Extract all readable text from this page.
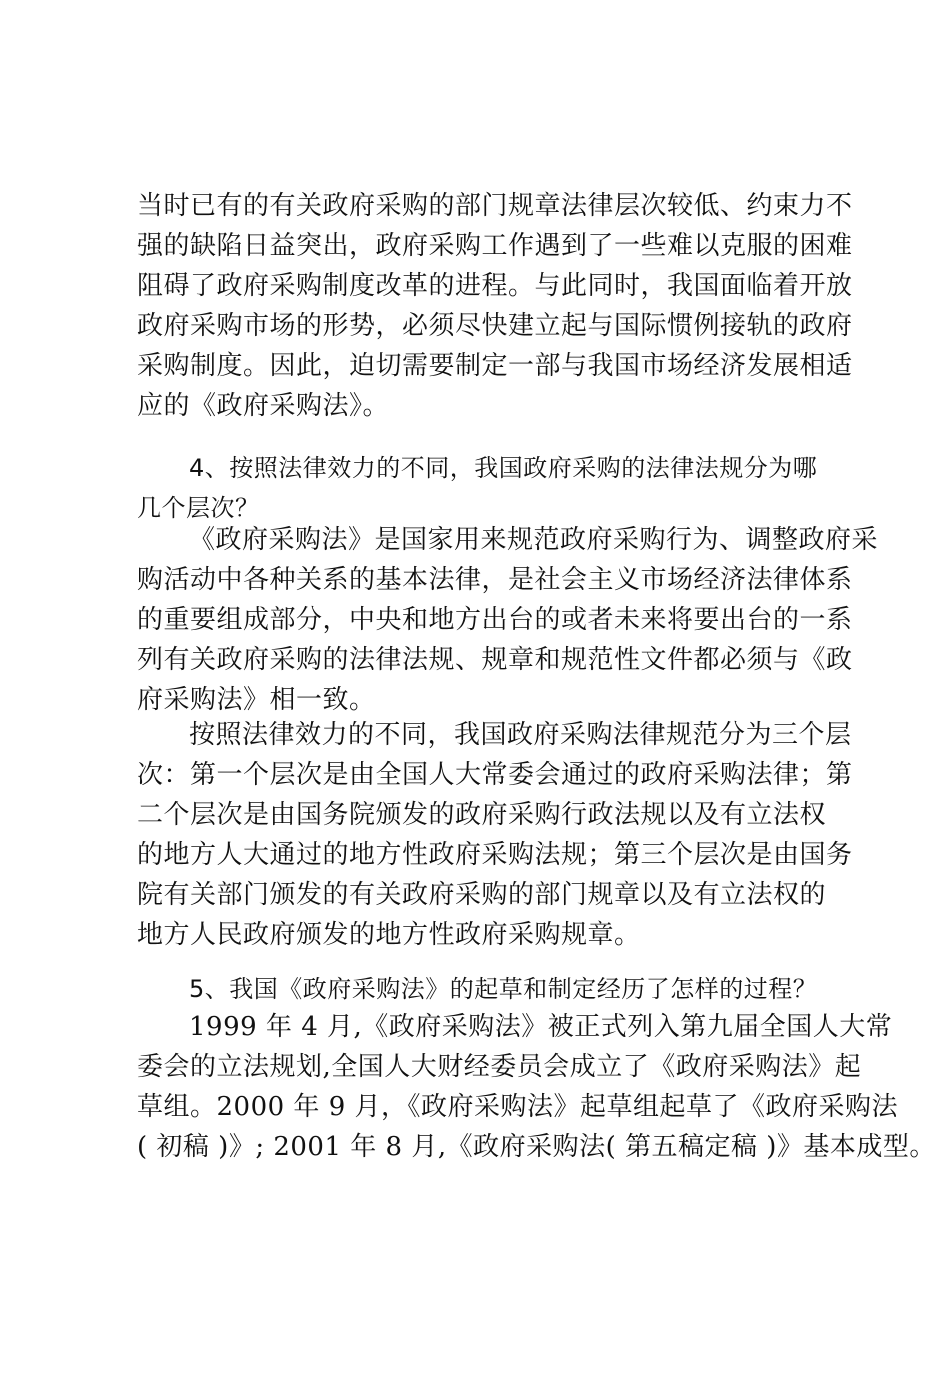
当时已有的有关政府采购的部门规章法律层次较低、约束力不
强的缺陷日益突出，政府采购工作遇到了一些难以克服的困难
阻碍了政府采购制度改革的进程。与此同时，我国面临着开放
政府采购市场的形势，必须尽快建立起与国际惯例接轨的政府
采购制度。因此，迫切需要制定一部与我国市场经济发展相适
应的《政府采购法》。
4、按照法律效力的不同，我国政府采购的法律法规分为哪
几个层次？
《政府采购法》是国家用来规范政府采购行为、调整政府采
购活动中各种关系的基本法律，是社会主义市场经济法律体系
的重要组成部分，中央和地方出台的或者未来将要出台的一系
列有关政府采购的法律法规、规章和规范性文件都必须与《政
府采购法》相一致。
按照法律效力的不同，我国政府采购法律规范分为三个层
次：第一个层次是由全国人大常委会通过的政府采购法律；第
二个层次是由国务院颁发的政府采购行政法规以及有立法权
的地方人大通过的地方性政府采购法规；第三个层次是由国务
院有关部门颁发的有关政府采购的部门规章以及有立法权的
地方人民政府颁发的地方性政府采购规章。
5、我国《政府采购法》的起草和制定经历了怎样的过程？
1999 年 4 月,《政府采购法》被正式列入第九届全国人大常
委会的立法规划,全国人大财经委员会成立了《政府采购法》起
草组。2000 年 9 月，《政府采购法》起草组起草了《政府采购法
( 初稿 )》; 2001 年 8 月,《政府采购法( 第五稿定稿 )》基本成型。
